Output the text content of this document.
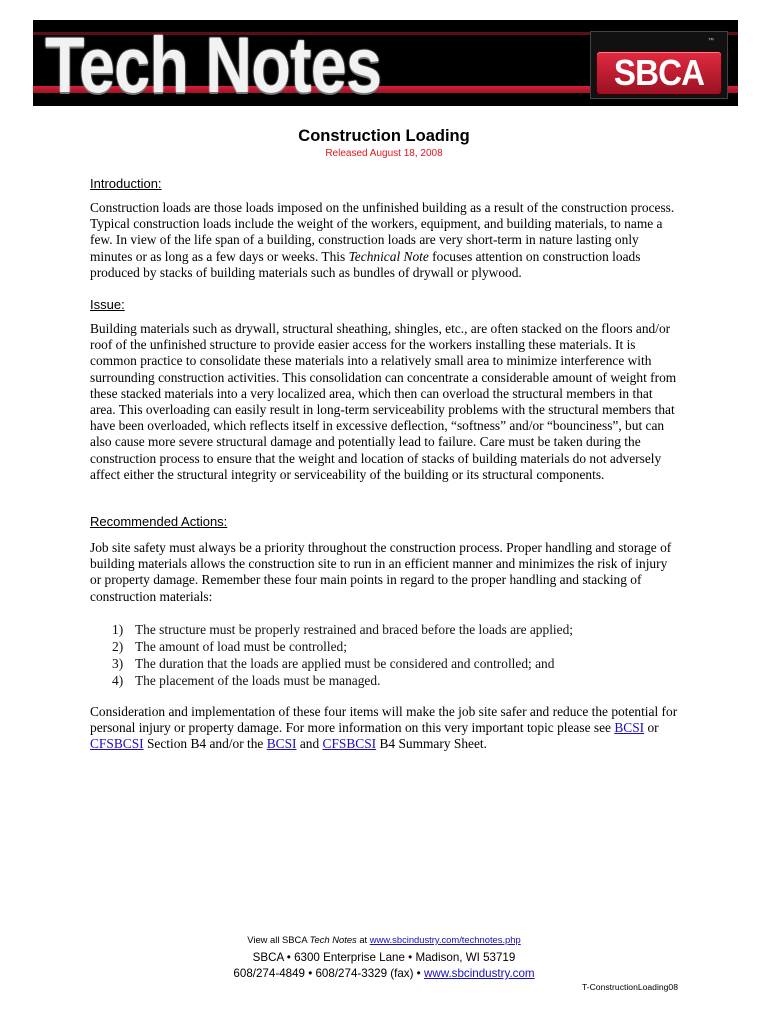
Tech Notes	SBCA
™
Construction Loading
Released August 18, 2008
Introduction:

Construction loads are those loads imposed on the unfinished building as a result of the construction process. Typical construction loads include the weight of the workers, equipment, and building materials, to name a few. In view of the life span of a building, construction loads are very short-term in nature lasting only minutes or as long as a few days or weeks. This Technical Note focuses attention on construction loads produced by stacks of building materials such as bundles of drywall or plywood.

Issue:

Building materials such as drywall, structural sheathing, shingles, etc., are often stacked on the floors and/or roof of the unfinished structure to provide easier access for the workers installing these materials. It is common practice to consolidate these materials into a relatively small area to minimize interference with surrounding construction activities. This consolidation can concentrate a considerable amount of weight from these stacked materials into a very localized area, which then can overload the structural members in that area. This overloading can easily result in long-term serviceability problems with the structural members that have been overloaded, which reflects itself in excessive deflection, “softness” and/or “bounciness”, but can also cause more severe structural damage and potentially lead to failure. Care must be taken during the construction process to ensure that the weight and location of stacks of building materials do not adversely affect either the structural integrity or serviceability of the building or its structural components.

Recommended Actions:

Job site safety must always be a priority throughout the construction process. Proper handling and storage of building materials allows the construction site to run in an efficient manner and minimizes the risk of injury or property damage. Remember these four main points in regard to the proper handling and stacking of construction materials:

1) The structure must be properly restrained and braced before the loads are applied;
2) The amount of load must be controlled;
3) The duration that the loads are applied must be considered and controlled; and
4) The placement of the loads must be managed.

Consideration and implementation of these four items will make the job site safer and reduce the potential for personal injury or property damage. For more information on this very important topic please see BCSI or CFSBCSI Section B4 and/or the BCSI and CFSBCSI B4 Summary Sheet.

View all SBCA Tech Notes at www.sbcindustry.com/technotes.php
SBCA • 6300 Enterprise Lane • Madison, WI 53719
608/274-4849 • 608/274-3329 (fax) • www.sbcindustry.com
T-ConstructionLoading08
